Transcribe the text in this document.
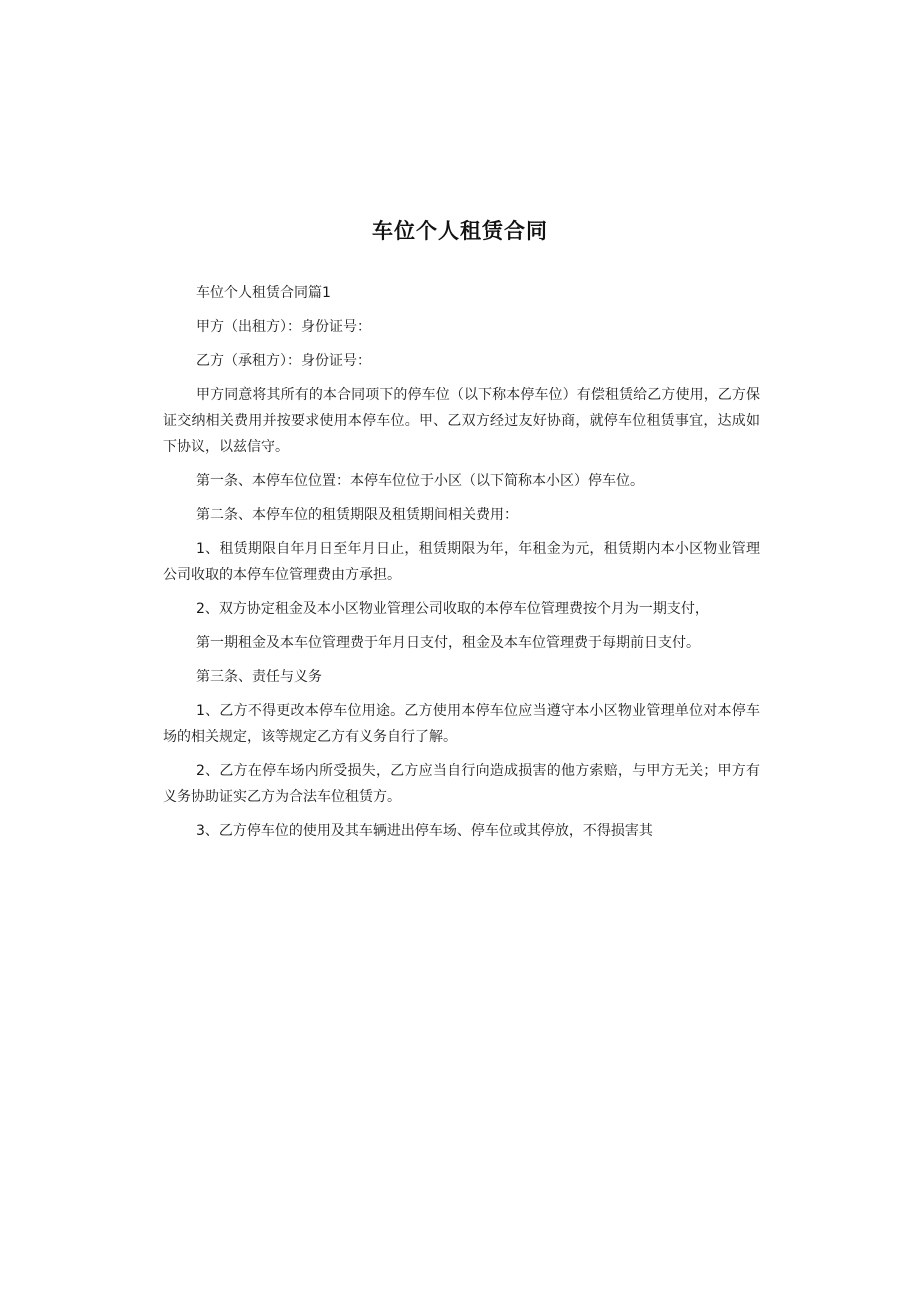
车位个人租赁合同

车位个人租赁合同篇1

甲方（出租方）：身份证号：

乙方（承租方）：身份证号：

甲方同意将其所有的本合同项下的停车位（以下称本停车位）有偿租赁给乙方使用，乙方保证交纳相关费用并按要求使用本停车位。甲、乙双方经过友好协商，就停车位租赁事宜，达成如下协议，以兹信守。

第一条、本停车位位置：本停车位位于小区（以下简称本小区）停车位。

第二条、本停车位的租赁期限及租赁期间相关费用：

1、租赁期限自年月日至年月日止，租赁期限为年，年租金为元，租赁期内本小区物业管理公司收取的本停车位管理费由方承担。

2、双方协定租金及本小区物业管理公司收取的本停车位管理费按个月为一期支付，

第一期租金及本车位管理费于年月日支付，租金及本车位管理费于每期前日支付。

第三条、责任与义务

1、乙方不得更改本停车位用途。乙方使用本停车位应当遵守本小区物业管理单位对本停车场的相关规定，该等规定乙方有义务自行了解。

2、乙方在停车场内所受损失，乙方应当自行向造成损害的他方索赔，与甲方无关；甲方有义务协助证实乙方为合法车位租赁方。

3、乙方停车位的使用及其车辆进出停车场、停车位或其停放，不得损害其
